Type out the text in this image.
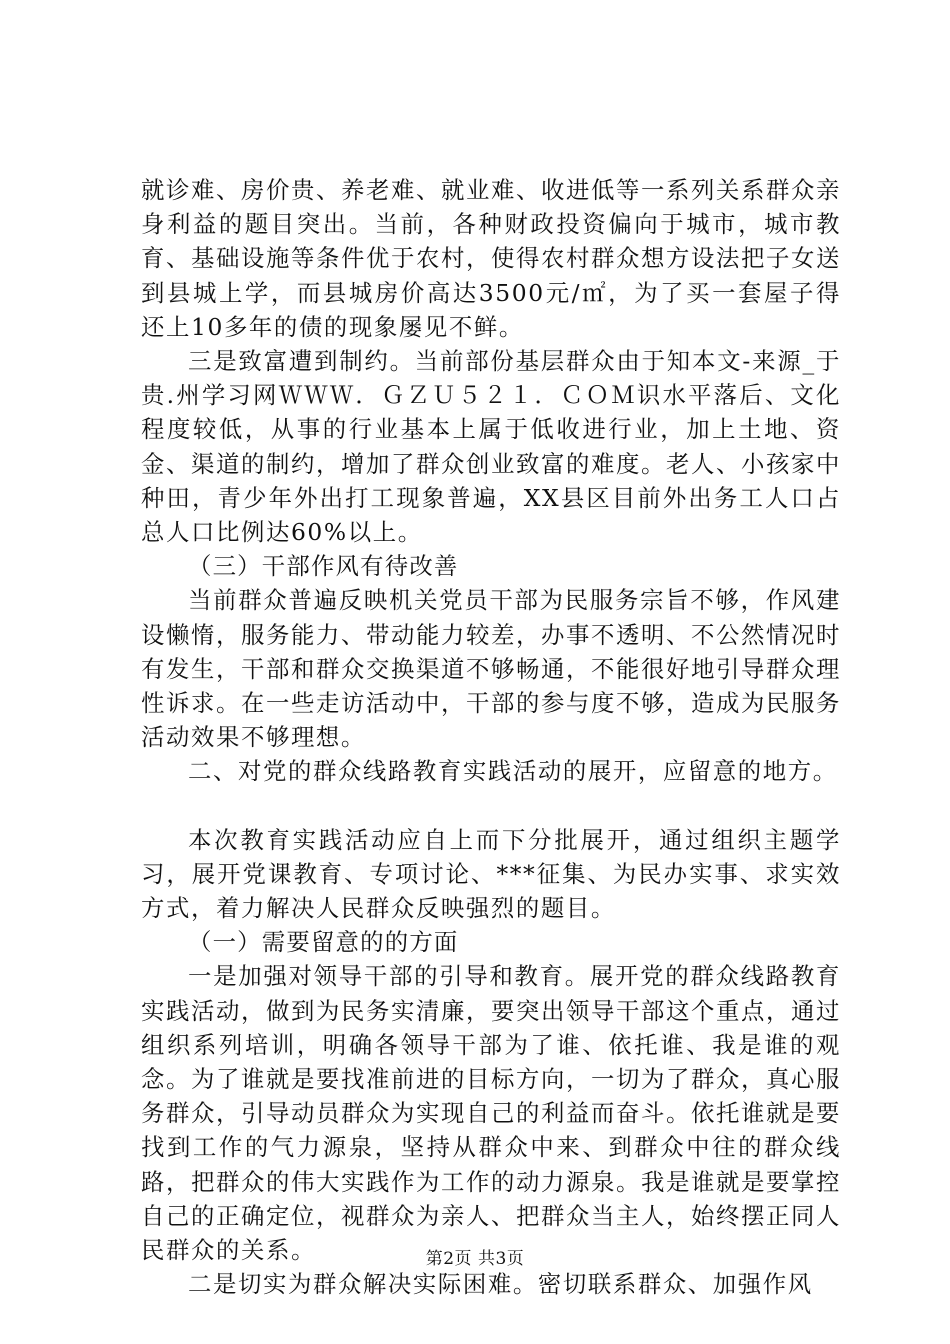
就诊难、房价贵、养老难、就业难、收进低等一系列关系群众亲身利益的题目突出。当前，各种财政投资偏向于城市，城市教育、基础设施等条件优于农村，使得农村群众想方设法把子女送到县城上学，而县城房价高达3500元/㎡，为了买一套屋子得还上10多年的债的现象屡见不鲜。

三是致富遭到制约。当前部份基层群众由于知本文-来源_于贵.州学习网ＷＷＷ．ＧＺＵ５２１．ＣＯＭ识水平落后、文化程度较低，从事的行业基本上属于低收进行业，加上土地、资金、渠道的制约，增加了群众创业致富的难度。老人、小孩家中种田，青少年外出打工现象普遍，XX县区目前外出务工人口占总人口比例达60%以上。

（三）干部作风有待改善

当前群众普遍反映机关党员干部为民服务宗旨不够，作风建设懒惰，服务能力、带动能力较差，办事不透明、不公然情况时有发生，干部和群众交换渠道不够畅通，不能很好地引导群众理性诉求。在一些走访活动中，干部的参与度不够，造成为民服务活动效果不够理想。

二、对党的群众线路教育实践活动的展开，应留意的地方。

本次教育实践活动应自上而下分批展开，通过组织主题学习，展开党课教育、专项讨论、***征集、为民办实事、求实效方式，着力解决人民群众反映强烈的题目。

（一）需要留意的的方面

一是加强对领导干部的引导和教育。展开党的群众线路教育实践活动，做到为民务实清廉，要突出领导干部这个重点，通过组织系列培训，明确各领导干部为了谁、依托谁、我是谁的观念。为了谁就是要找准前进的目标方向，一切为了群众，真心服务群众，引导动员群众为实现自己的利益而奋斗。依托谁就是要找到工作的气力源泉，坚持从群众中来、到群众中往的群众线路，把群众的伟大实践作为工作的动力源泉。我是谁就是要掌控自己的正确定位，视群众为亲人、把群众当主人，始终摆正同人民群众的关系。

二是切实为群众解决实际困难。密切联系群众、加强作风

第2页 共3页
